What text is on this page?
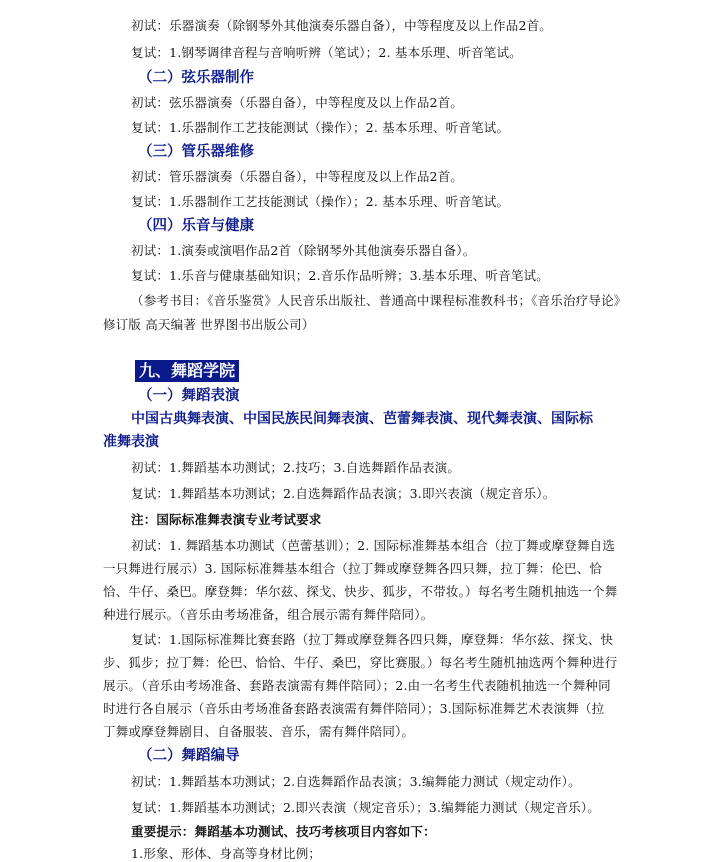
初试：乐器演奏（除钢琴外其他演奏乐器自备），中等程度及以上作品2首。
复试：1.钢琴调律音程与音响听辨（笔试）；2. 基本乐理、听音笔试。
（二）弦乐器制作
初试：弦乐器演奏（乐器自备），中等程度及以上作品2首。
复试：1.乐器制作工艺技能测试（操作）；2. 基本乐理、听音笔试。
（三）管乐器维修
初试：管乐器演奏（乐器自备），中等程度及以上作品2首。
复试：1.乐器制作工艺技能测试（操作）；2. 基本乐理、听音笔试。
（四）乐音与健康
初试：1.演奏或演唱作品2首（除钢琴外其他演奏乐器自备）。
复试：1.乐音与健康基础知识；2.音乐作品听辨；3.基本乐理、听音笔试。
（参考书目：《音乐鉴赏》人民音乐出版社、普通高中课程标准教科书；《音乐治疗导论》
修订版 高天编著 世界图书出版公司）
九、舞蹈学院
（一）舞蹈表演
中国古典舞表演、中国民族民间舞表演、芭蕾舞表演、现代舞表演、国际标
准舞表演
初试：1.舞蹈基本功测试；2.技巧；3.自选舞蹈作品表演。
复试：1.舞蹈基本功测试；2.自选舞蹈作品表演；3.即兴表演（规定音乐）。
注：国际标准舞表演专业考试要求
初试：1. 舞蹈基本功测试（芭蕾基训）；2. 国际标准舞基本组合（拉丁舞或摩登舞自选
一只舞进行展示）3. 国际标准舞基本组合（拉丁舞或摩登舞各四只舞，拉丁舞：伦巴、恰
恰、牛仔、桑巴。摩登舞：华尔兹、探戈、快步、狐步，不带妆。）每名考生随机抽选一个舞
种进行展示。（音乐由考场准备，组合展示需有舞伴陪同）。
复试：1.国际标准舞比赛套路（拉丁舞或摩登舞各四只舞，摩登舞：华尔兹、探戈、快
步、狐步；拉丁舞：伦巴、恰恰、牛仔、桑巴，穿比赛服。）每名考生随机抽选两个舞种进行
展示。（音乐由考场准备、套路表演需有舞伴陪同）；2.由一名考生代表随机抽选一个舞种同
时进行各自展示（音乐由考场准备套路表演需有舞伴陪同）；3.国际标准舞艺术表演舞（拉
丁舞或摩登舞剧目、自备服装、音乐，需有舞伴陪同）。
（二）舞蹈编导
初试：1.舞蹈基本功测试；2.自选舞蹈作品表演；3.编舞能力测试（规定动作）。
复试：1.舞蹈基本功测试；2.即兴表演（规定音乐）；3.编舞能力测试（规定音乐）。
重要提示：舞蹈基本功测试、技巧考核项目内容如下：
1.形象、形体、身高等身材比例；
